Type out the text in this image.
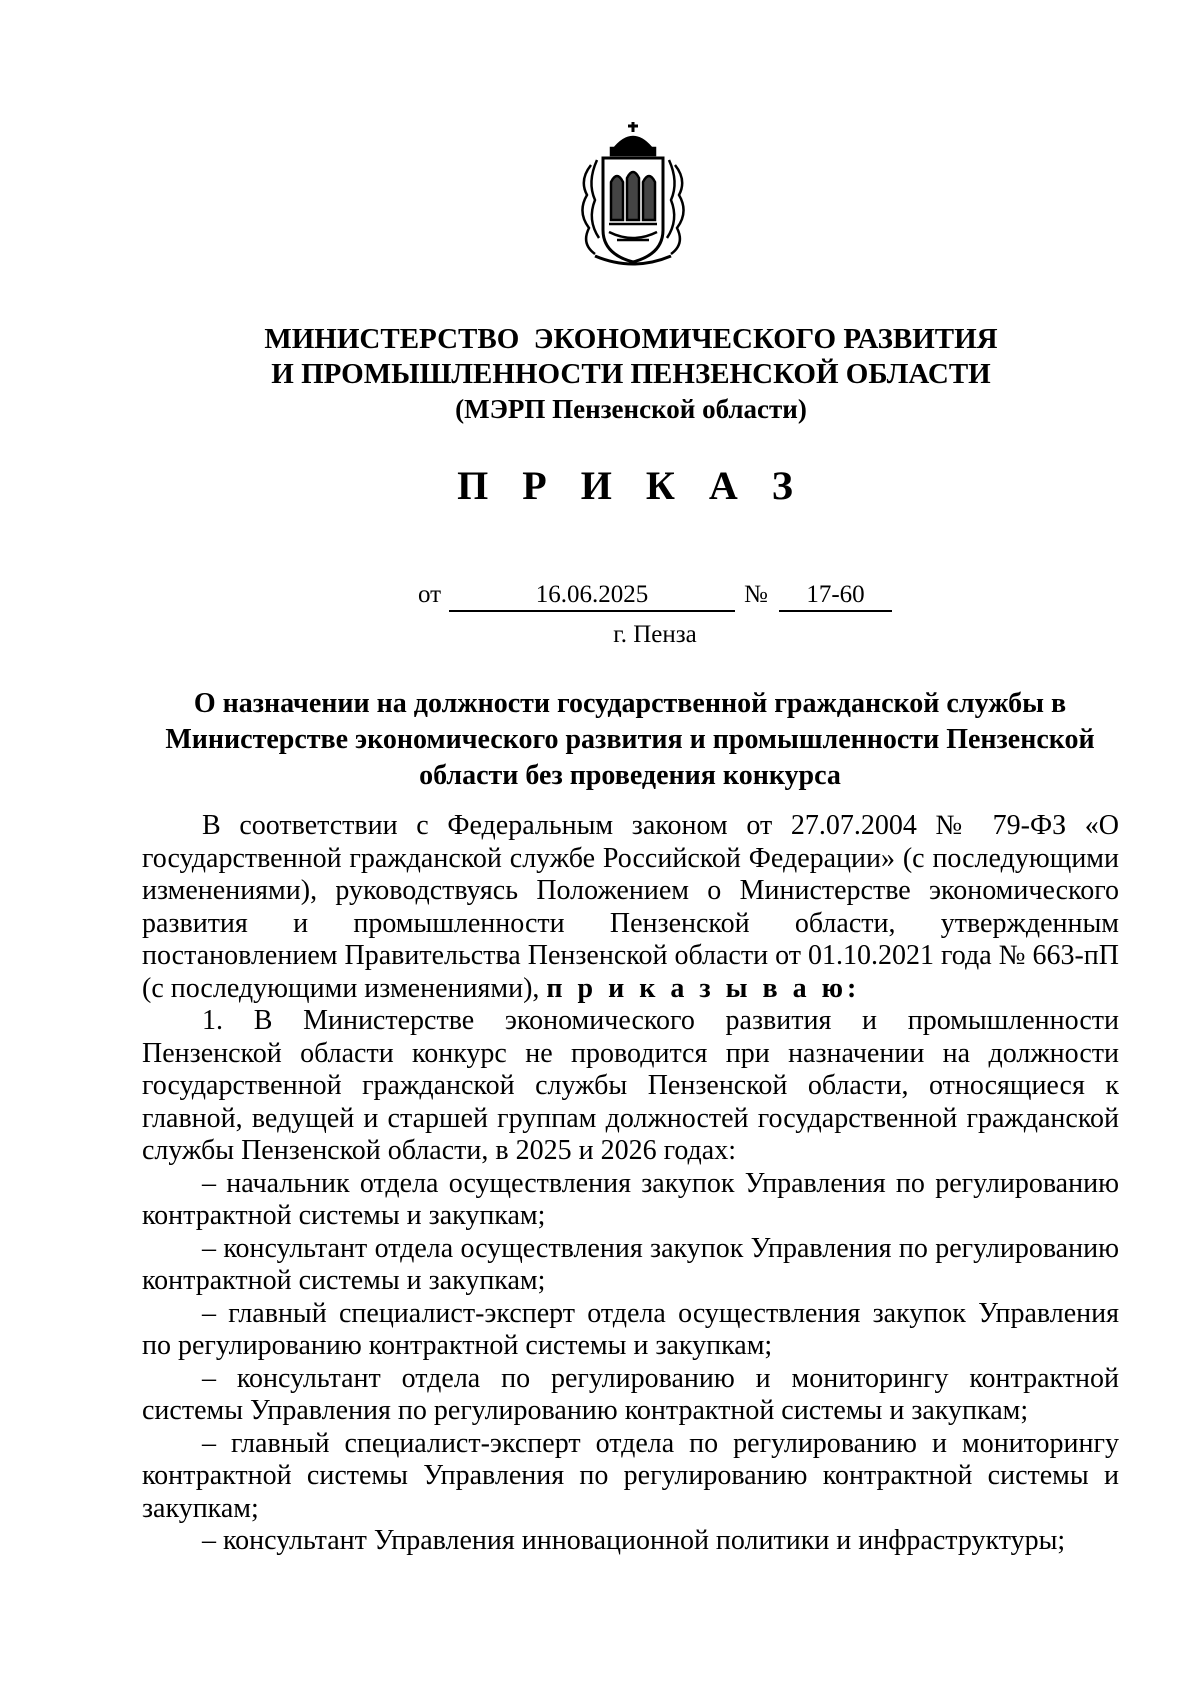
МИНИСТЕРСТВО  ЭКОНОМИЧЕСКОГО РАЗВИТИЯ
И ПРОМЫШЛЕННОСТИ ПЕНЗЕНСКОЙ ОБЛАСТИ
(МЭРП Пензенской области)
П Р И К А З
от	16.06.2025	№	17-60
г. Пенза
О назначении на должности государственной гражданской службы в
Министерстве экономического развития и промышленности Пензенской
области без проведения конкурса

В соответствии с Федеральным законом от 27.07.2004 № 79-ФЗ «О государственной гражданской службе Российской Федерации» (с последующими изменениями), руководствуясь Положением о Министерстве экономического развития и промышленности Пензенской области, утвержденным постановлением Правительства Пензенской области от 01.10.2021 года № 663-пП (с последующими изменениями), п р и к а з ы в а ю:

1. В Министерстве экономического развития и промышленности Пензенской области конкурс не проводится при назначении на должности государственной гражданской службы Пензенской области, относящиеся к главной, ведущей и старшей группам должностей государственной гражданской службы Пензенской области, в 2025 и 2026 годах:

– начальник отдела осуществления закупок Управления по регулированию контрактной системы и закупкам;

– консультант отдела осуществления закупок Управления по регулированию контрактной системы и закупкам;

– главный специалист-эксперт отдела осуществления закупок Управления по регулированию контрактной системы и закупкам;

– консультант отдела по регулированию и мониторингу контрактной системы Управления по регулированию контрактной системы и закупкам;

– главный специалист-эксперт отдела по регулированию и мониторингу контрактной системы Управления по регулированию контрактной системы и закупкам;

– консультант Управления инновационной политики и инфраструктуры;
